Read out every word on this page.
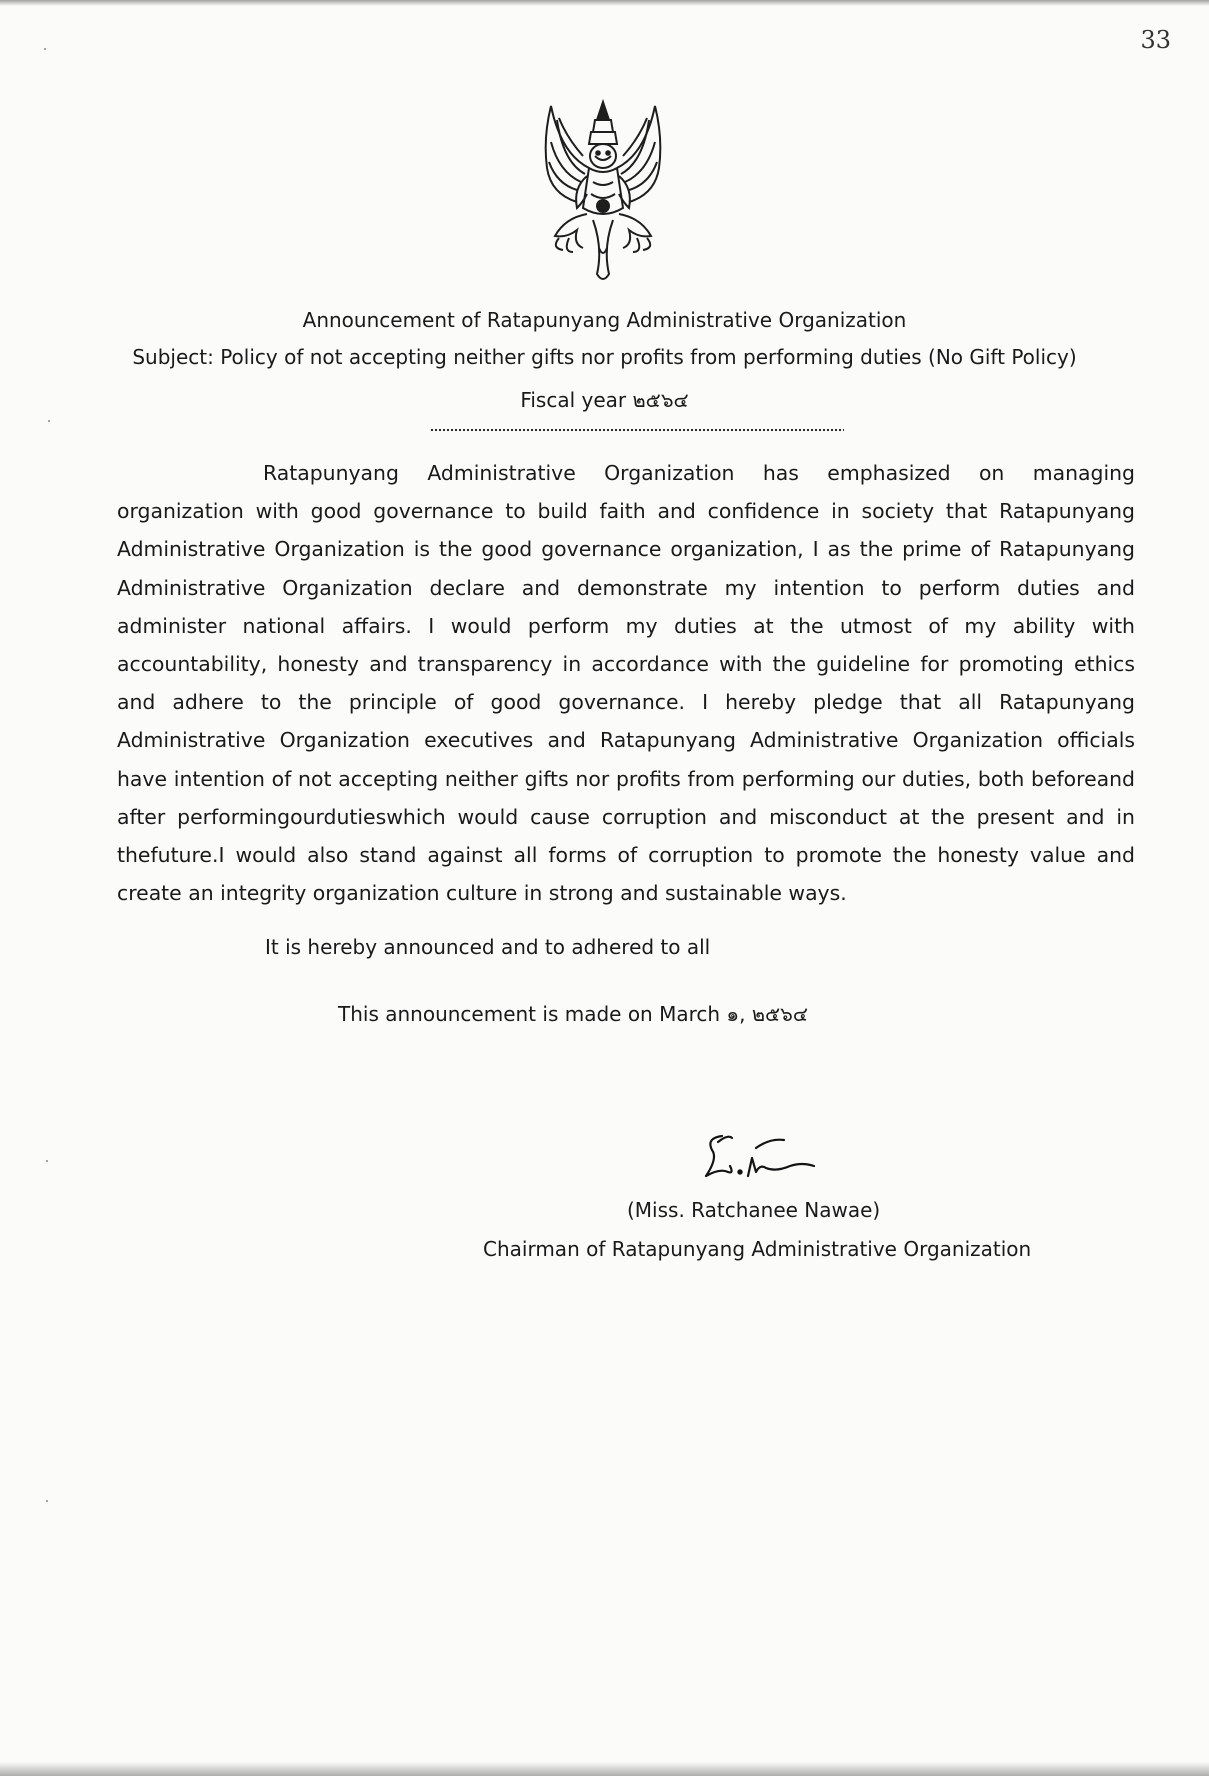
33
Announcement of Ratapunyang Administrative Organization
Subject: Policy of not accepting neither gifts nor profits from performing duties (No Gift Policy)
Fiscal year ๒๕๖๔

Ratapunyang Administrative Organization has emphasized on managing organization with good governance to build faith and confidence in society that Ratapunyang Administrative Organization is the good governance organization, I as the prime of Ratapunyang Administrative Organization declare and demonstrate my intention to perform duties and administer national affairs. I would perform my duties at the utmost of my ability with accountability, honesty and transparency in accordance with the guideline for promoting ethics and adhere to the principle of good governance. I hereby pledge that all Ratapunyang Administrative Organization executives and Ratapunyang Administrative Organization officials have intention of not accepting neither gifts nor profits from performing our duties, both beforeand after performingourdutieswhich would cause corruption and misconduct at the present and in thefuture.I would also stand against all forms of corruption to promote the honesty value and create an integrity organization culture in strong and sustainable ways.

It is hereby announced and to adhered to all
This announcement is made on March ๑, ๒๕๖๔
(Miss. Ratchanee Nawae)
Chairman of Ratapunyang Administrative Organization
